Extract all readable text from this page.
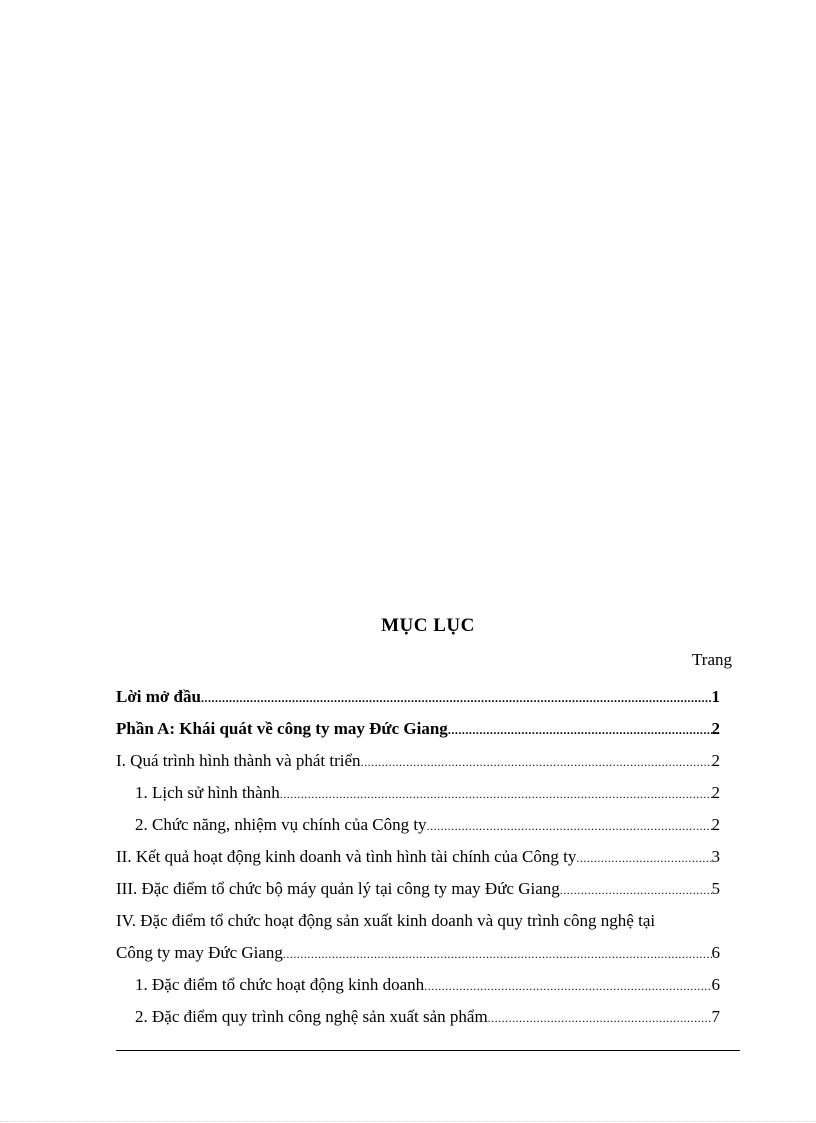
MỤC LỤC
Trang
Lời mở đầu .....	1
Phần A: Khái quát về công ty may Đức Giang .....	2
I. Quá trình hình thành và phát triển .....	2
1. Lịch sử hình thành .....	2
2. Chức năng, nhiệm vụ chính của Công ty .....	2
II. Kết quả hoạt động kinh doanh và tình hình tài chính của Công ty .....	3
III. Đặc điểm tổ chức bộ máy quản lý tại công ty may Đức Giang .....	5
IV. Đặc điểm tổ chức hoạt động sản xuất kinh doanh và quy trình công nghệ tại
Công ty may Đức Giang .....	6
1. Đặc điểm tổ chức hoạt động kinh doanh .....	6
2. Đặc điểm quy trình công nghệ sản xuất sản phẩm .....	7
